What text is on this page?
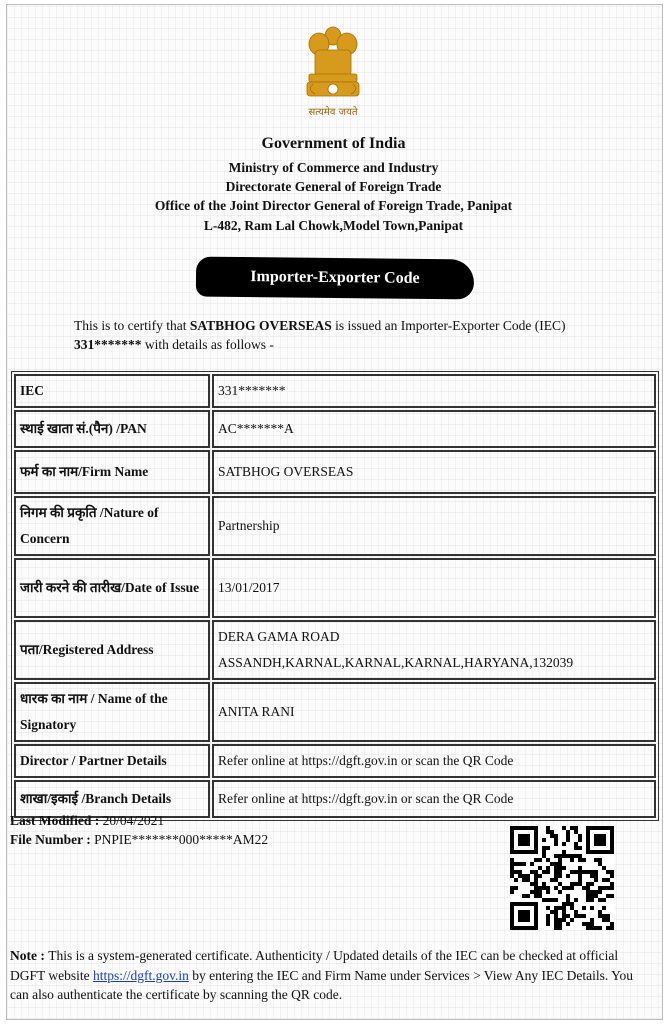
सत्यमेव जयते
Government of India
Ministry of Commerce and Industry
Directorate General of Foreign Trade
Office of the Joint Director General of Foreign Trade, Panipat
L-482, Ram Lal Chowk,Model Town,Panipat
Importer-Exporter Code
This is to certify that SATBHOG OVERSEAS is issued an Importer-Exporter Code (IEC) 331******* with details as follows -
IEC	331*******
स्थाई खाता सं.(पैन) /PAN	AC*******A
फर्म का नाम/Firm Name	SATBHOG OVERSEAS
निगम की प्रकृति /Nature of Concern	Partnership
जारी करने की तारीख/Date of Issue	13/01/2017
पता/Registered Address	DERA GAMA ROAD
ASSANDH,KARNAL,KARNAL,KARNAL,HARYANA,132039

धारक का नाम / Name of the Signatory	ANITA RANI
Director / Partner Details	Refer online at https://dgft.gov.in or scan the QR Code
शाखा/इकाई /Branch Details	Refer online at https://dgft.gov.in or scan the QR Code
Last Modified : 20/04/2021
File Number : PNPIE*******000*****AM22
Note : This is a system-generated certificate. Authenticity / Updated details of the IEC can be checked at official DGFT website https://dgft.gov.in by entering the IEC and Firm Name under Services > View Any IEC Details. You can also authenticate the certificate by scanning the QR code.
